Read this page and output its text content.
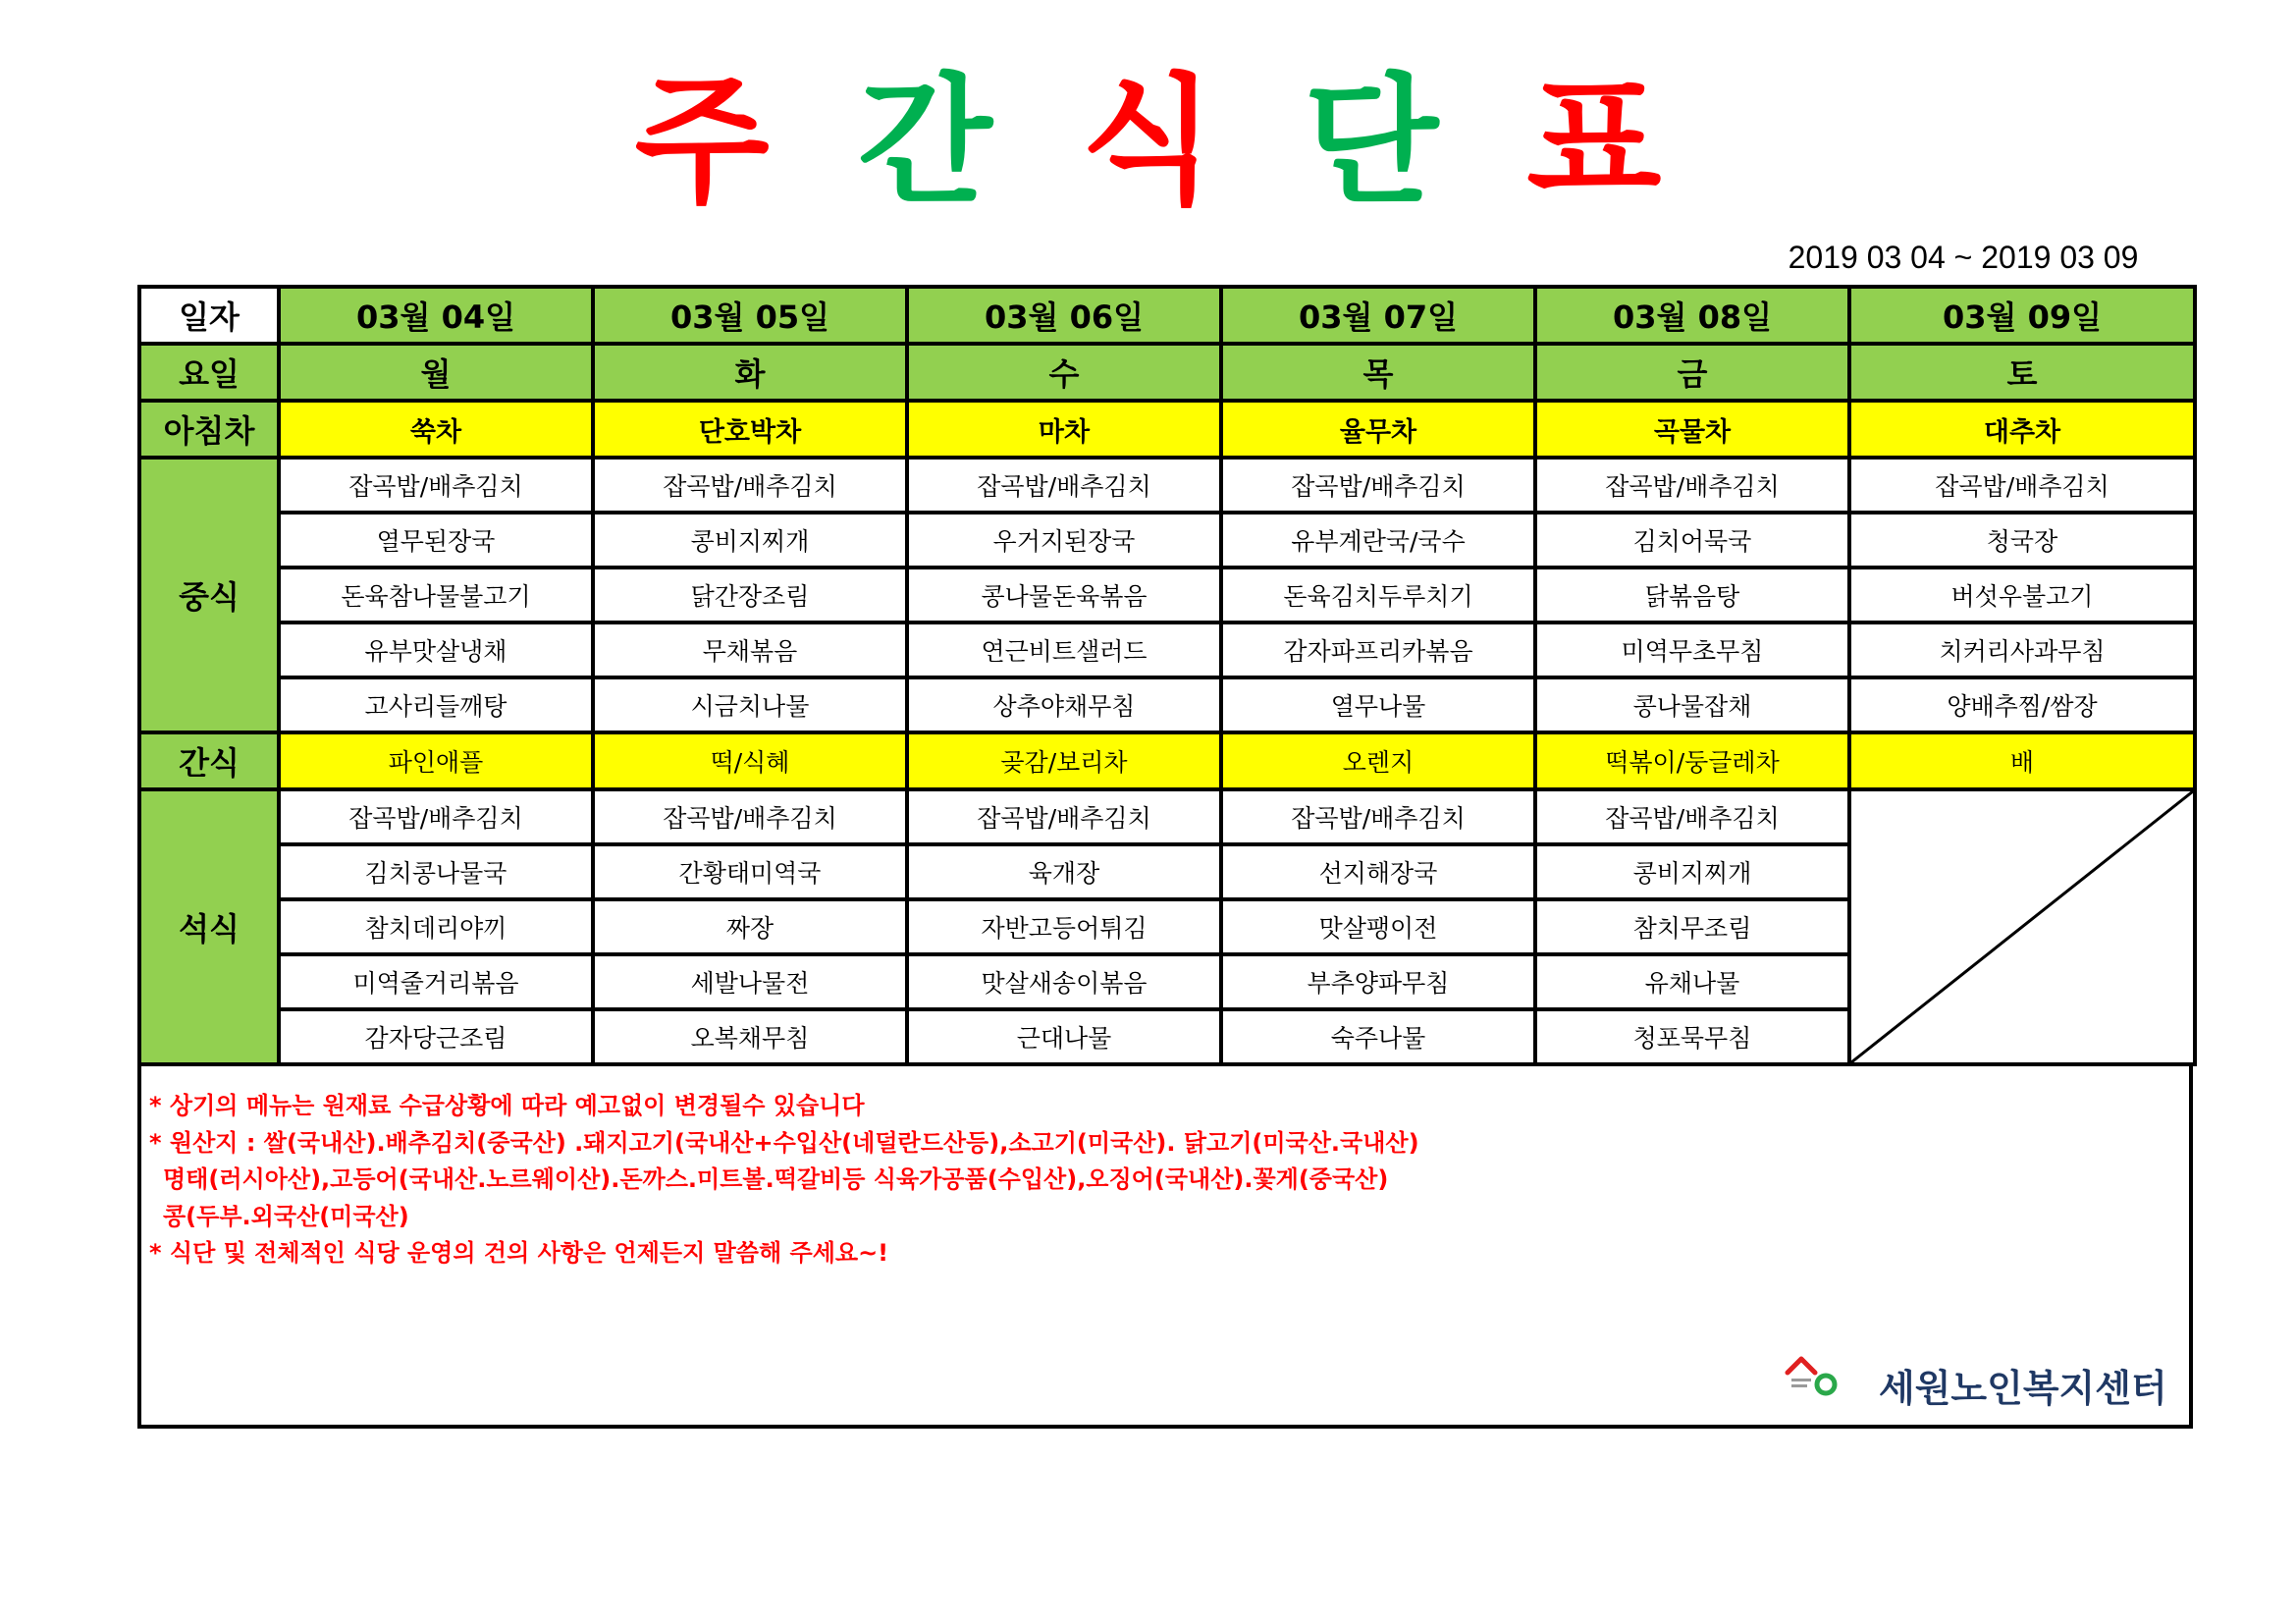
주 간 식 단 표
2019 03 04 ~ 2019 03 09
일자	03월 04일	03월 05일	03월 06일	03월 07일	03월 08일	03월 09일
요일	월	화	수	목	금	토
아침차	쑥차	단호박차	마차	율무차	곡물차	대추차
중식	잡곡밥/배추김치	잡곡밥/배추김치	잡곡밥/배추김치	잡곡밥/배추김치	잡곡밥/배추김치	잡곡밥/배추김치
	열무된장국	콩비지찌개	우거지된장국	유부계란국/국수	김치어묵국	청국장
	돈육참나물불고기	닭간장조림	콩나물돈육볶음	돈육김치두루치기	닭볶음탕	버섯우불고기
	유부맛살냉채	무채볶음	연근비트샐러드	감자파프리카볶음	미역무초무침	치커리사과무침
	고사리들깨탕	시금치나물	상추야채무침	열무나물	콩나물잡채	양배추찜/쌈장
간식	파인애플	떡/식혜	곶감/보리차	오렌지	떡볶이/둥글레차	배
석식	잡곡밥/배추김치	잡곡밥/배추김치	잡곡밥/배추김치	잡곡밥/배추김치	잡곡밥/배추김치	

	김치콩나물국	간황태미역국	육개장	선지해장국	콩비지찌개	
	참치데리야끼	짜장	자반고등어튀김	맛살팽이전	참치무조림	
	미역줄거리볶음	세발나물전	맛살새송이볶음	부추양파무침	유채나물	
	감자당근조림	오복채무침	근대나물	숙주나물	청포묵무침	
* 상기의 메뉴는 원재료 수급상황에 따라 예고없이 변경될수 있습니다
* 원산지 : 쌀(국내산).배추김치(중국산) .돼지고기(국내산+수입산(네덜란드산등),소고기(미국산). 닭고기(미국산.국내산)
명태(러시아산),고등어(국내산.노르웨이산).돈까스.미트볼.떡갈비등 식육가공품(수입산),오징어(국내산).꽃게(중국산)
콩(두부.외국산(미국산)
* 식단 및 전체적인 식당 운영의 건의 사항은 언제든지 말씀해 주세요~!
세원노인복지센터
